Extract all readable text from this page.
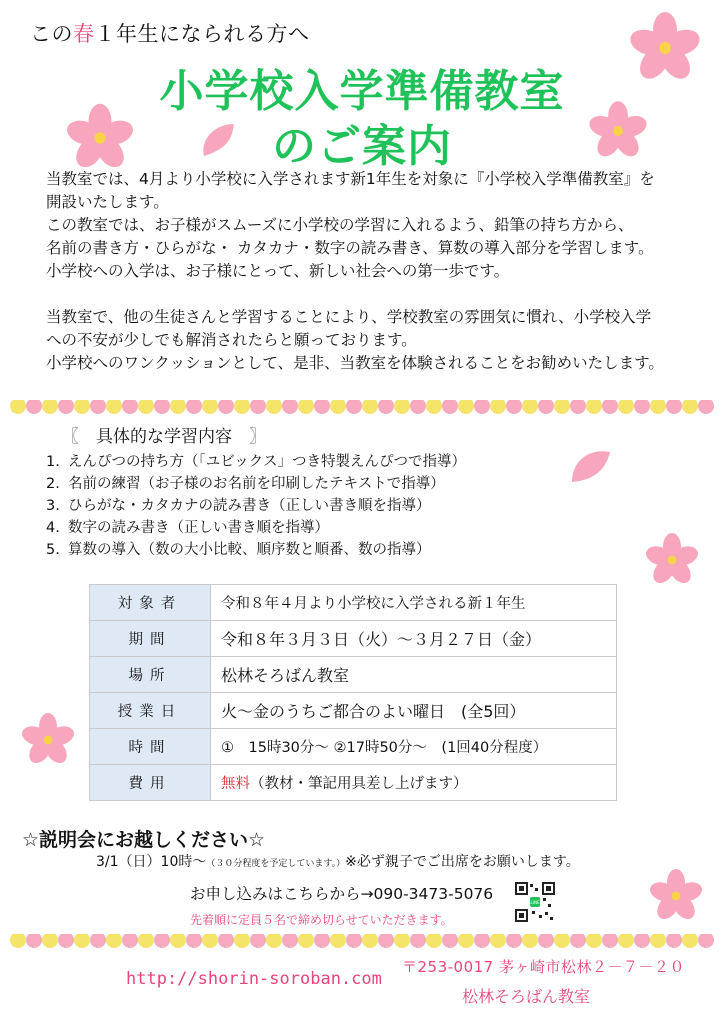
この春１年生になられる方へ
小学校入学準備教室
のご案内

当教室では、4月より小学校に入学されます新1年生を対象に『小学校入学準備教室』を

開設いたします。

この教室では、お子様がスムーズに小学校の学習に入れるよう、鉛筆の持ち方から、

名前の書き方・ひらがな・ カタカナ・数字の読み書き、算数の導入部分を学習します。

小学校への入学は、お子様にとって、新しい社会への第一歩です。

当教室で、他の生徒さんと学習することにより、学校教室の雰囲気に慣れ、小学校入学

への不安が少しでも解消されたらと願っております。

小学校へのワンクッションとして、是非、当教室を体験されることをお勧めいたします。

〖　 具体的な学習内容　 〗
1. えんぴつの持ち方（「ユビックス」つき特製えんぴつで指導）
2. 名前の練習（お子様のお名前を印刷したテキストで指導）
3. ひらがな・カタカナの読み書き（正しい書き順を指導）
4. 数字の読み書き（正しい書き順を指導）
5. 算数の導入（数の大小比較、順序数と順番、数の指導）
対象者	令和８年４月より小学校に入学される新１年生
期間	令和８年３月３日（火）～３月２７日（金）
場所	松林そろばん教室
授業日	火～金のうちご都合のよい曜日　(全5回）
時間	①　15時30分～ ②17時50分～　(1回40分程度）
費用	無料（教材・筆記用具差し上げます）
☆説明会にお越しください☆
3/1（日）10時～（３０分程度を予定しています。）※必ず親子でご出席をお願いします。
お申し込みはこちらから→090-3473-5076
先着順に定員５名で締め切らせていただきます。
LINE
http://shorin-soroban.com
〒253-0017 茅ヶ崎市松林２－７－２０
松林そろばん教室
